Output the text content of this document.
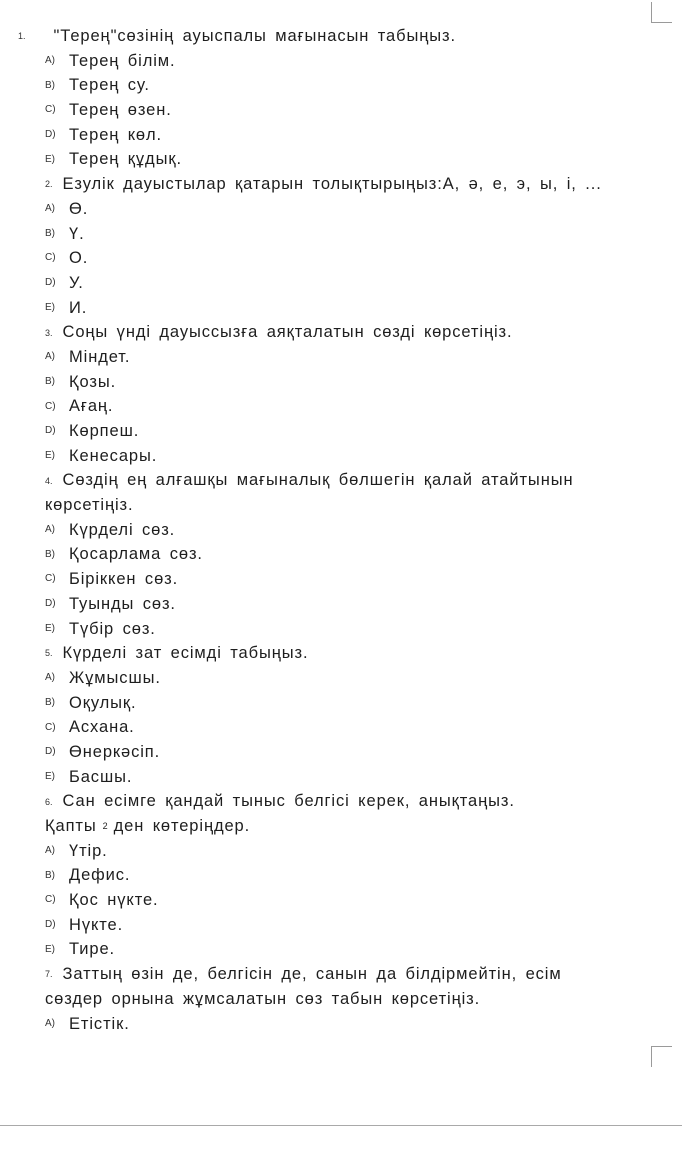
1. "Терең"сөзінің ауыспалы мағынасын табыңыз.
A) Терең білім.
B) Терең су.
C) Терең өзен.
D) Терең көл.
E) Терең құдық.
2. Езулік дауыстылар қатарын толықтырыңыз:А, ә, е, э, ы, і, ...
A) Ө.
B) Ү.
C) О.
D) У.
E) И.
3. Соңы үнді дауыссызға аяқталатын сөзді көрсетіңіз.
A) Міндет.
B) Қозы.
C) Ағаң.
D) Көрпеш.
E) Кенесары.
4. Сөздің ең алғашқы мағыналық бөлшегін қалай атайтынын
көрсетіңіз.
A) Күрделі сөз.
B) Қосарлама сөз.
C) Біріккен сөз.
D) Туынды сөз.
E) Түбір сөз.
5. Күрделі зат есімді табыңыз.
A) Жұмысшы.
B) Оқулық.
C) Асхана.
D) Өнеркәсіп.
E) Басшы.
6. Сан есімге қандай тыныс белгісі керек, анықтаңыз.
Қапты 2 ден көтеріңдер.
A) Үтір.
B) Дефис.
C) Қос нүкте.
D) Нүкте.
E) Тире.
7. Заттың өзін де, белгісін де, санын да білдірмейтін, есім
сөздер орнына жұмсалатын сөз табын көрсетіңіз.
A) Етістік.
